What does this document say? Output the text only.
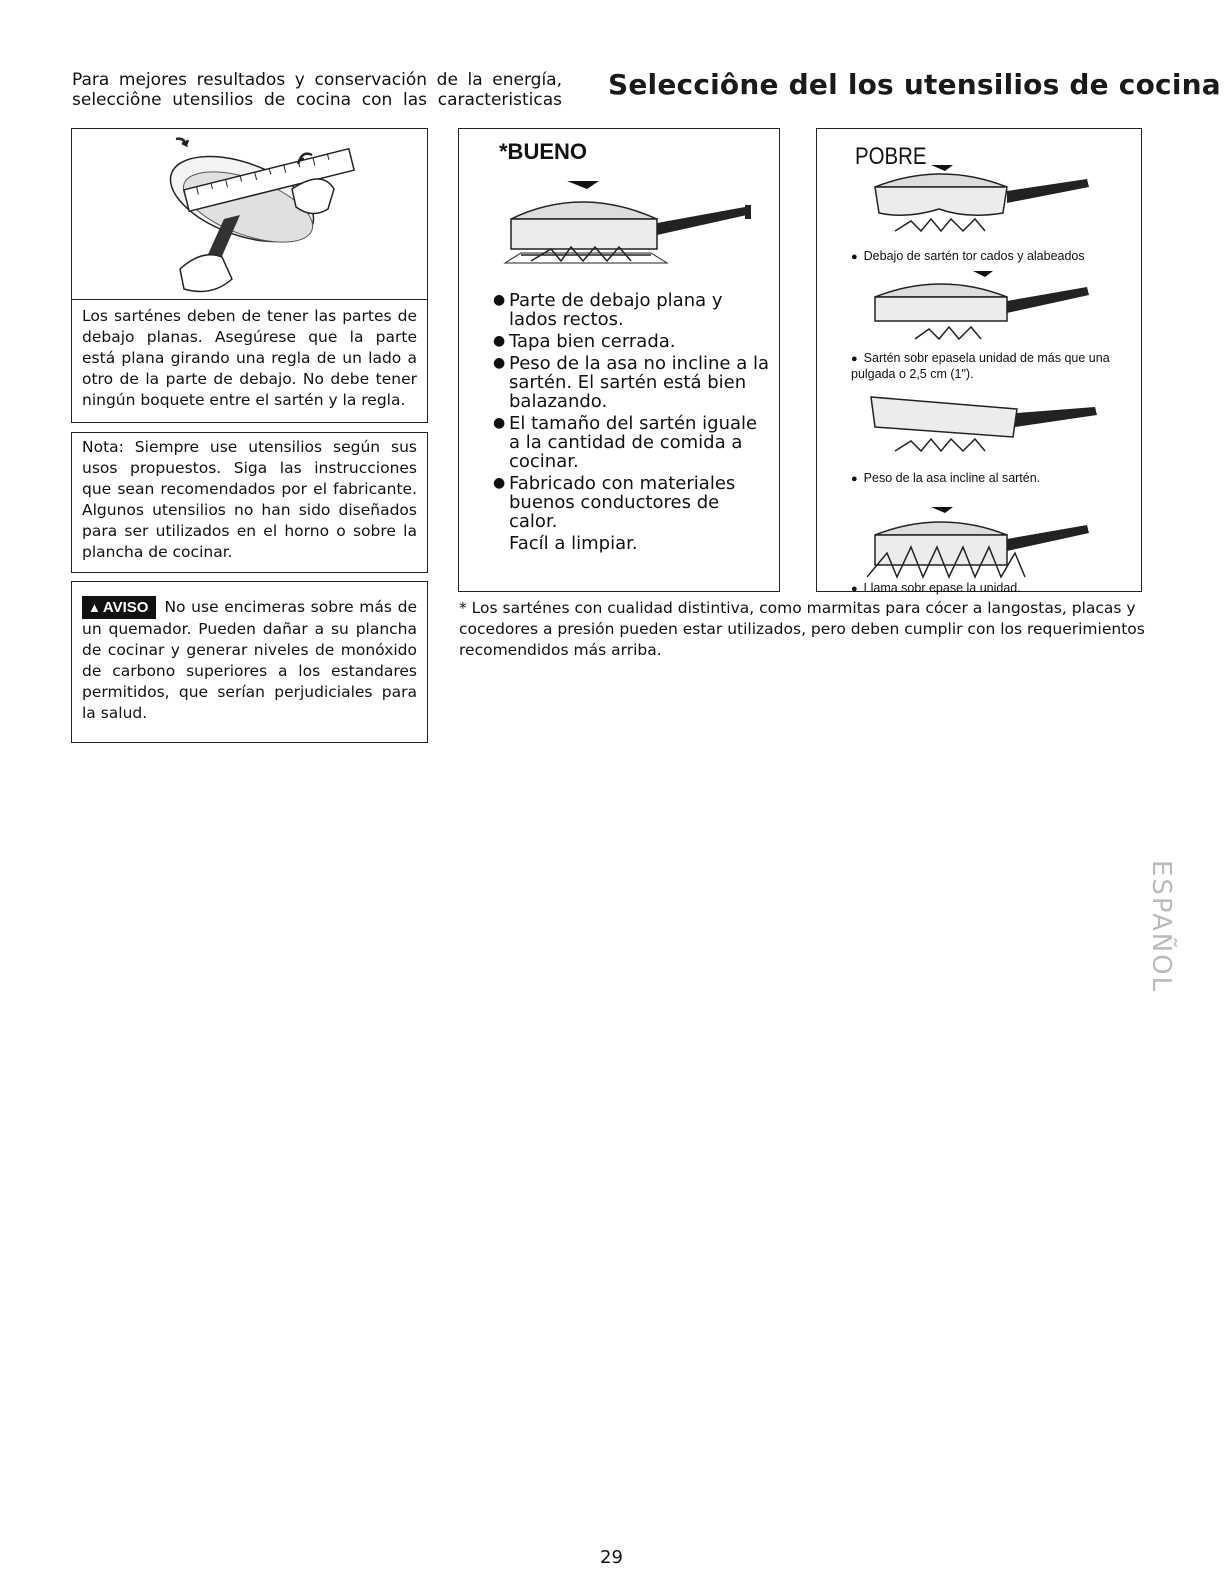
Para mejores resultados y conservación de la energía,
selecciône utensilios de cocina con las caracteristicas Selecciône del los utensilios de cocina
Los sarténes deben de tener las partes de debajo planas. Asegúrese que la parte está plana girando una regla de un lado a otro de la parte de debajo. No debe tener ningún boquete entre el sartén y la regla.
Nota: Siempre use utensilios según sus usos propuestos. Siga las instrucciones que sean recomendados por el fabricante. Algunos utensilios no han sido diseñados para ser utilizados en el horno o sobre la plancha de cocinar.
▲ AVISO No use encimeras sobre más de un quemador. Pueden dañar a su plancha de cocinar y generar niveles de monóxido de carbono superiores a los estandares permitidos, que serían perjudiciales para la salud.
*BUENO
● Parte de debajo plana y lados rectos.
● Tapa bien cerrada.
● Peso de la asa no incline a la sartén. El sartén está bien balazando.
● El tamaño del sartén iguale a la cantidad de comida a cocinar.
● Fabricado con materiales buenos conductores de calor.
Facíl a limpiar.
POBRE
● Debajo de sartén tor cados y alabeados
● Sartén sobr epasela unidad de más que una pulgada o 2,5 cm (1").
● Peso de la asa incline al sartén.
● Llama sobr epase la unidad.
* Los sarténes con cualidad distintiva, como marmitas para cócer a langostas, placas y cocedores a presión pueden estar utilizados, pero deben cumplir con los requerimientos recomendidos más arriba.
ESPAÑOL
29
